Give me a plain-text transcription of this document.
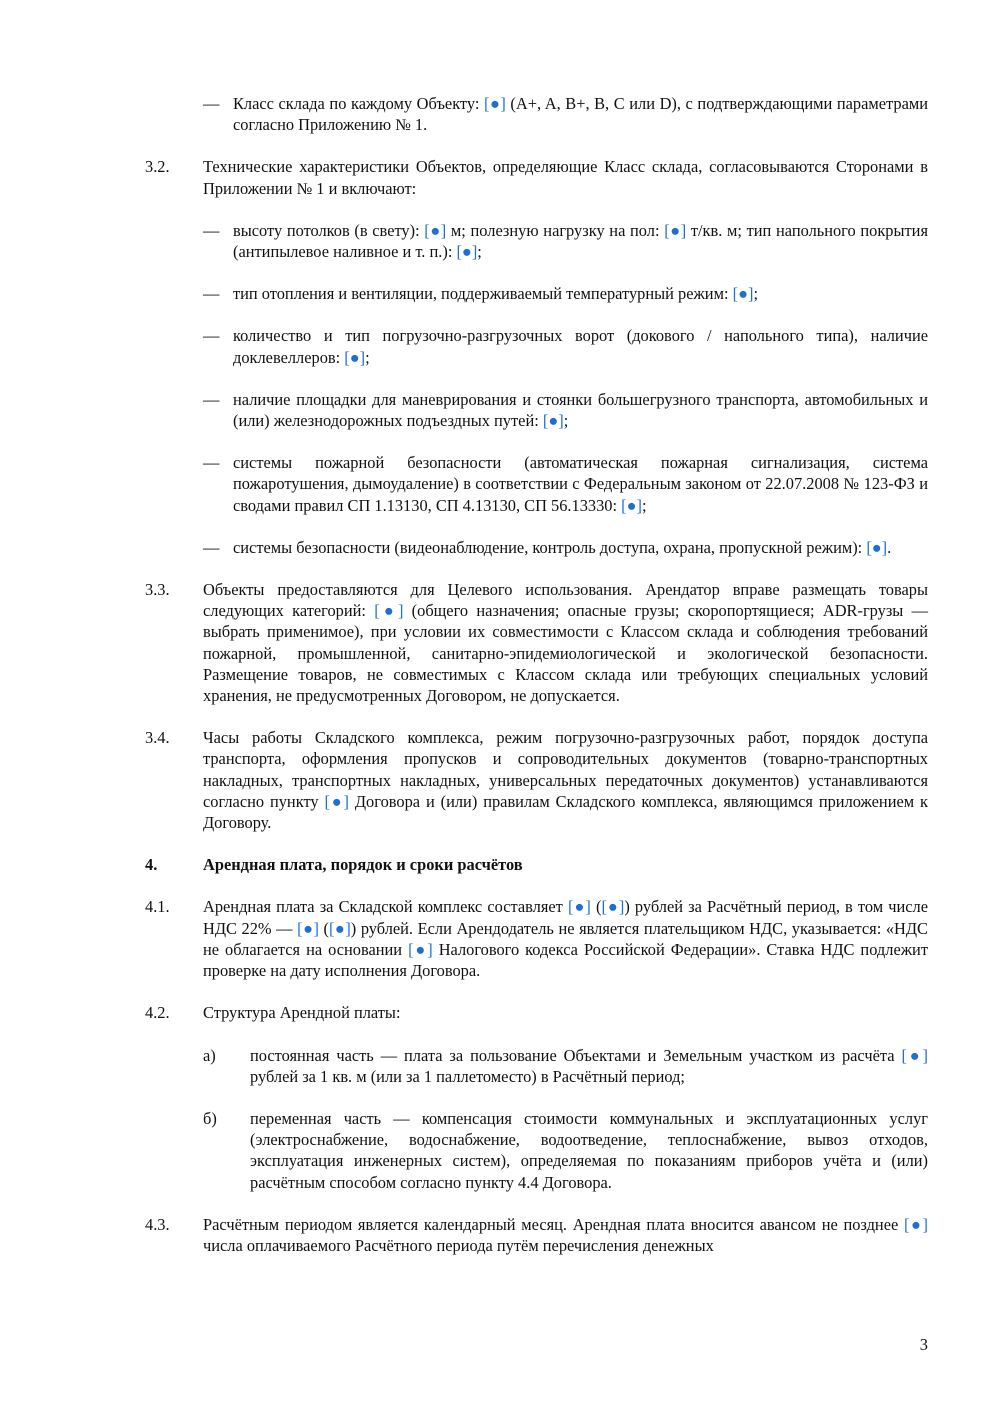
— Класс склада по каждому Объекту: [●] (A+, A, B+, B, C или D), с подтверждающими параметрами согласно Приложению № 1.
3.2.	Технические характеристики Объектов, определяющие Класс склада, согласовываются Сторонами в Приложении № 1 и включают:
— высоту потолков (в свету): [●] м; полезную нагрузку на пол: [●] т/кв. м; тип напольного покрытия (антипылевое наливное и т. п.): [●];
— тип отопления и вентиляции, поддерживаемый температурный режим: [●];
— количество и тип погрузочно-разгрузочных ворот (докового / напольного типа), наличие доклевеллеров: [●];
— наличие площадки для маневрирования и стоянки большегрузного транспорта, автомобильных и (или) железнодорожных подъездных путей: [●];
— системы пожарной безопасности (автоматическая пожарная сигнализация, система пожаротушения, дымоудаление) в соответствии с Федеральным законом от 22.07.2008 № 123-ФЗ и сводами правил СП 1.13130, СП 4.13130, СП 56.13330: [●];
— системы безопасности (видеонаблюдение, контроль доступа, охрана, пропускной режим): [●].
3.3.	Объекты предоставляются для Целевого использования. Арендатор вправе размещать товары следующих категорий: [●] (общего назначения; опасные грузы; скоропортящиеся; ADR-грузы — выбрать применимое), при условии их совместимости с Классом склада и соблюдения требований пожарной, промышленной, санитарно-эпидемиологической и экологической безопасности. Размещение товаров, не совместимых с Классом склада или требующих специальных условий хранения, не предусмотренных Договором, не допускается.
3.4.	Часы работы Складского комплекса, режим погрузочно-разгрузочных работ, порядок доступа транспорта, оформления пропусков и сопроводительных документов (товарно-транспортных накладных, транспортных накладных, универсальных передаточных документов) устанавливаются согласно пункту [●] Договора и (или) правилам Складского комплекса, являющимся приложением к Договору.
4.	Арендная плата, порядок и сроки расчётов
4.1.	Арендная плата за Складской комплекс составляет [●] ([●]) рублей за Расчётный период, в том числе НДС 22% — [●] ([●]) рублей. Если Арендодатель не является плательщиком НДС, указывается: «НДС не облагается на основании [●] Налогового кодекса Российской Федерации». Ставка НДС подлежит проверке на дату исполнения Договора.
4.2.	Структура Арендной платы:
а)	постоянная часть — плата за пользование Объектами и Земельным участком из расчёта [●] рублей за 1 кв. м (или за 1 паллетоместо) в Расчётный период;
б)	переменная часть — компенсация стоимости коммунальных и эксплуатационных услуг (электроснабжение, водоснабжение, водоотведение, теплоснабжение, вывоз отходов, эксплуатация инженерных систем), определяемая по показаниям приборов учёта и (или) расчётным способом согласно пункту 4.4 Договора.
4.3.	Расчётным периодом является календарный месяц. Арендная плата вносится авансом не позднее [●] числа оплачиваемого Расчётного периода путём перечисления денежных
3
